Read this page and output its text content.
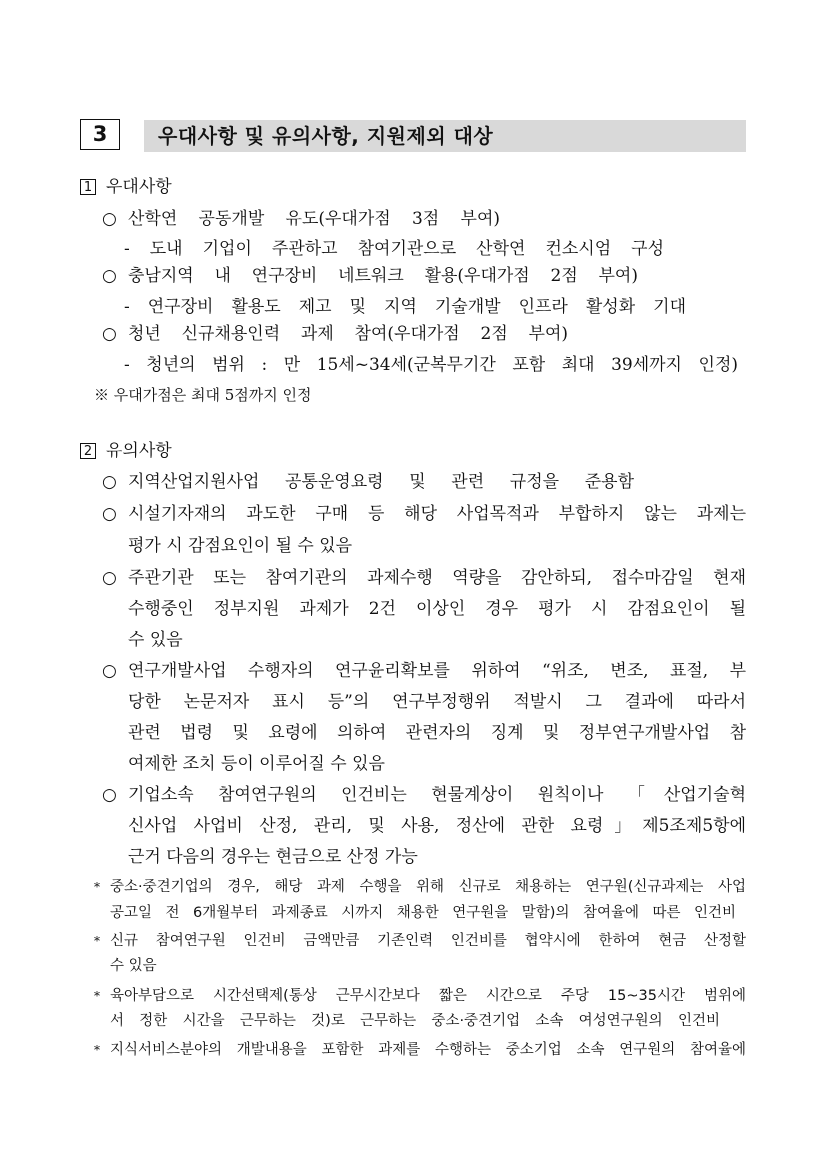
3	우대사항 및 유의사항, 지원제외 대상
1 우대사항
○ 산학연 공동개발 유도(우대가점 3점 부여)
- 도내 기업이 주관하고 참여기관으로 산학연 컨소시엄 구성
○ 충남지역 내 연구장비 네트워크 활용(우대가점 2점 부여)
- 연구장비 활용도 제고 및 지역 기술개발 인프라 활성화 기대
○ 청년 신규채용인력 과제 참여(우대가점 2점 부여)
- 청년의 범위 : 만 15세~34세(군복무기간 포함 최대 39세까지 인정)
※ 우대가점은 최대 5점까지 인정
2 유의사항
○ 지역산업지원사업 공통운영요령 및 관련 규정을 준용함
○ 시설기자재의 과도한 구매 등 해당 사업목적과 부합하지 않는 과제는
평가 시 감점요인이 될 수 있음
○ 주관기관 또는 참여기관의 과제수행 역량을 감안하되, 접수마감일 현재
수행중인 정부지원 과제가 2건 이상인 경우 평가 시 감점요인이 될
수 있음
○ 연구개발사업 수행자의 연구윤리확보를 위하여 “위조, 변조, 표절, 부
당한 논문저자 표시 등”의 연구부정행위 적발시 그 결과에 따라서
관련 법령 및 요령에 의하여 관련자의 징계 및 정부연구개발사업 참
여제한 조치 등이 이루어질 수 있음
○ 기업소속 참여연구원의 인건비는 현물계상이 원칙이나 「산업기술혁
신사업 사업비 산정, 관리, 및 사용, 정산에 관한 요령」제5조제5항에
근거 다음의 경우는 현금으로 산정 가능
* 중소·중견기업의 경우, 해당 과제 수행을 위해 신규로 채용하는 연구원(신규과제는 사업
공고일 전 6개월부터 과제종료 시까지 채용한 연구원을 말함)의 참여율에 따른 인건비
* 신규 참여연구원 인건비 금액만큼 기존인력 인건비를 협약시에 한하여 현금 산정할
수 있음
* 육아부담으로 시간선택제(통상 근무시간보다 짧은 시간으로 주당 15~35시간 범위에
서 정한 시간을 근무하는 것)로 근무하는 중소·중견기업 소속 여성연구원의 인건비
* 지식서비스분야의 개발내용을 포함한 과제를 수행하는 중소기업 소속 연구원의 참여율에
